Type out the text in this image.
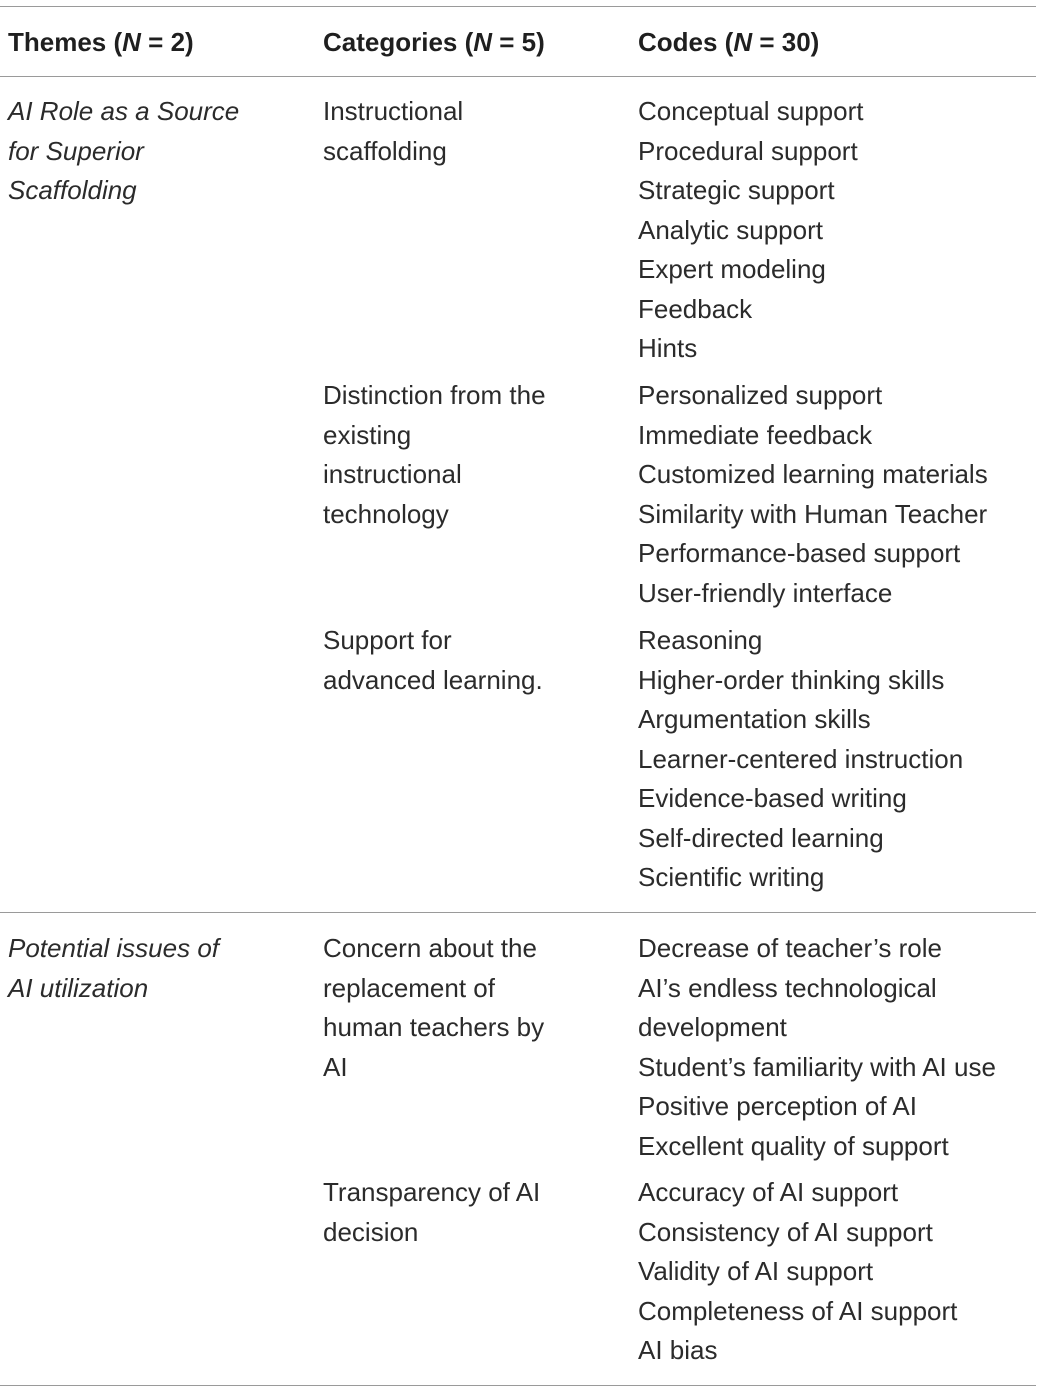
Themes (N = 2)	Categories (N = 5)	Codes (N = 30)
AI Role as a Source
for Superior
Scaffolding
Instructional
scaffolding
Conceptual support
Procedural support
Strategic support
Analytic support
Expert modeling
Feedback
Hints
Distinction from the
existing
instructional
technology
Personalized support
Immediate feedback
Customized learning materials
Similarity with Human Teacher
Performance-based support
User-friendly interface
Support for
advanced learning.
Reasoning
Higher-order thinking skills
Argumentation skills
Learner-centered instruction
Evidence-based writing
Self-directed learning
Scientific writing
Potential issues of
AI utilization
Concern about the
replacement of
human teachers by
AI
Decrease of teacher’s role
AI’s endless technological
development
Student’s familiarity with AI use
Positive perception of AI
Excellent quality of support
Transparency of AI
decision
Accuracy of AI support
Consistency of AI support
Validity of AI support
Completeness of AI support
AI bias
